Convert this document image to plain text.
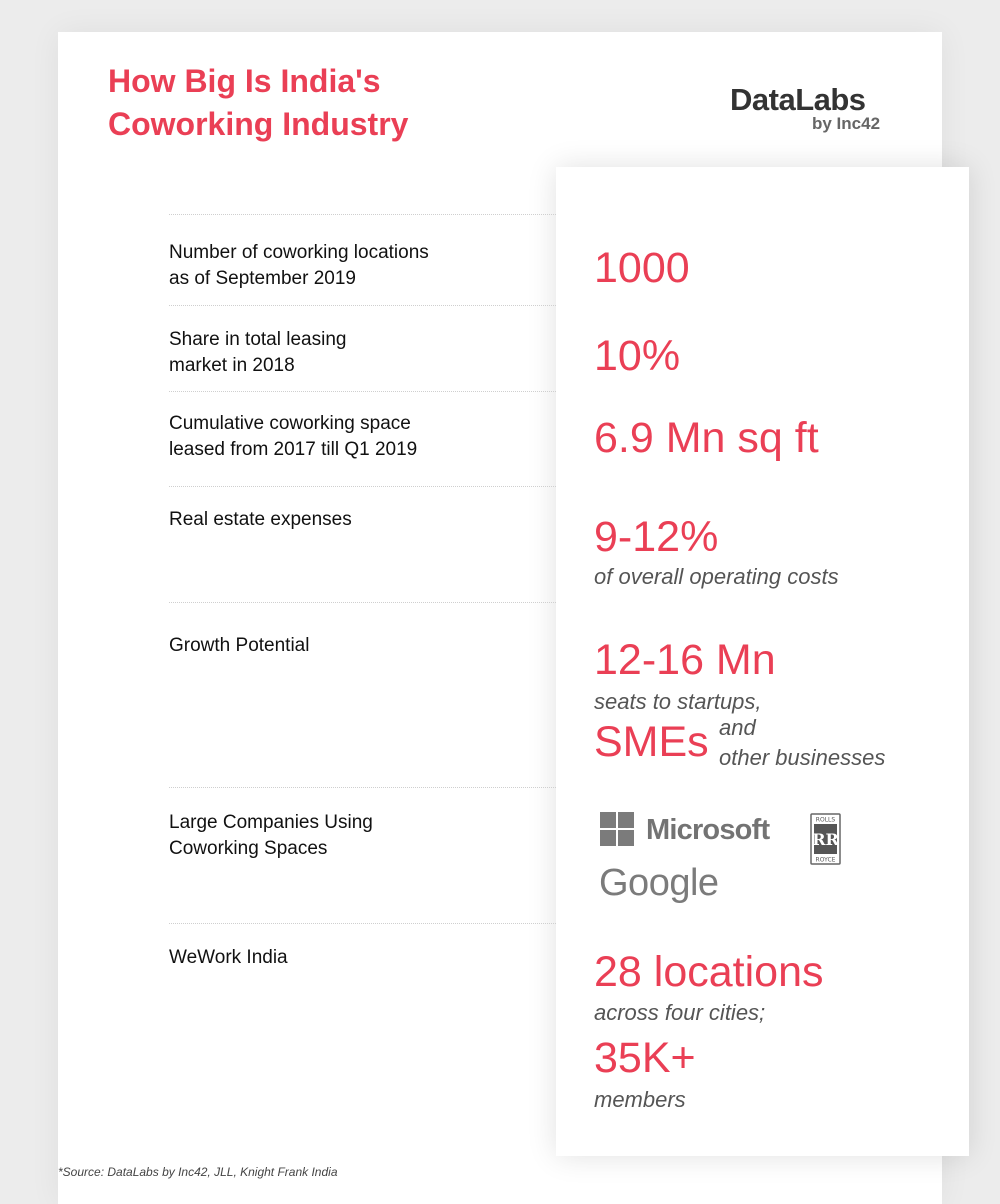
How Big Is India's
Coworking Industry
DataLabs
by Inc42
Number of coworking locations
as of September 2019	1000
Share in total leasing
market in 2018	10%
Cumulative coworking space
leased from 2017 till Q1 2019	6.9 Mn sq ft
Real estate expenses	9-12%
of overall operating costs
Growth Potential	12-16 Mn
seats to startups,
SMEs and
other businesses
Large Companies Using
Coworking Spaces
Microsoft
Google
ROLLS
RR
ROYCE
WeWork India	28 locations
across four cities;
35K+
members
*Source: DataLabs by Inc42, JLL, Knight Frank India
